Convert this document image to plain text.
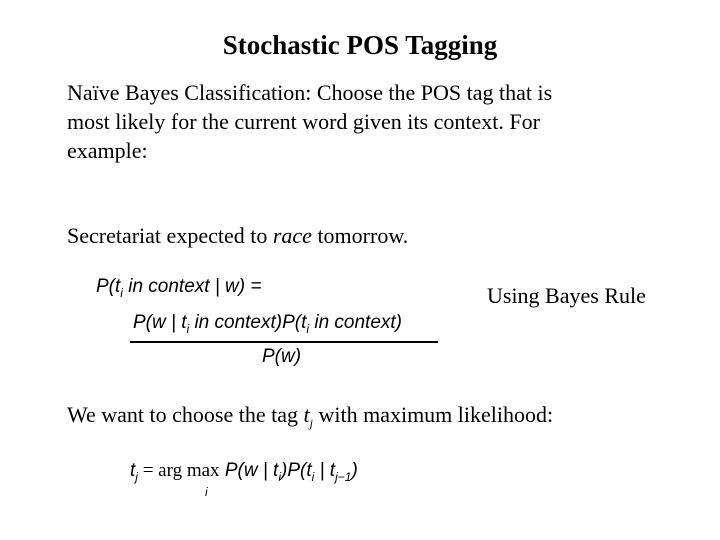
Stochastic POS Tagging
Naïve Bayes Classification: Choose the POS tag that is
most likely for the current word given its context. For
example:
Secretariat expected to race tomorrow.
$P(t_i$ in context | w) =
P(w | $t_i$ in $context)P(t_i$ in context)
P(w)
Using Bayes Rule
We want to choose the tag $t_j$ with maximum likelihood:
$t_j$ = arg max P(w | $t_i)P(t_i$ | $t_{j-1}$)
i
